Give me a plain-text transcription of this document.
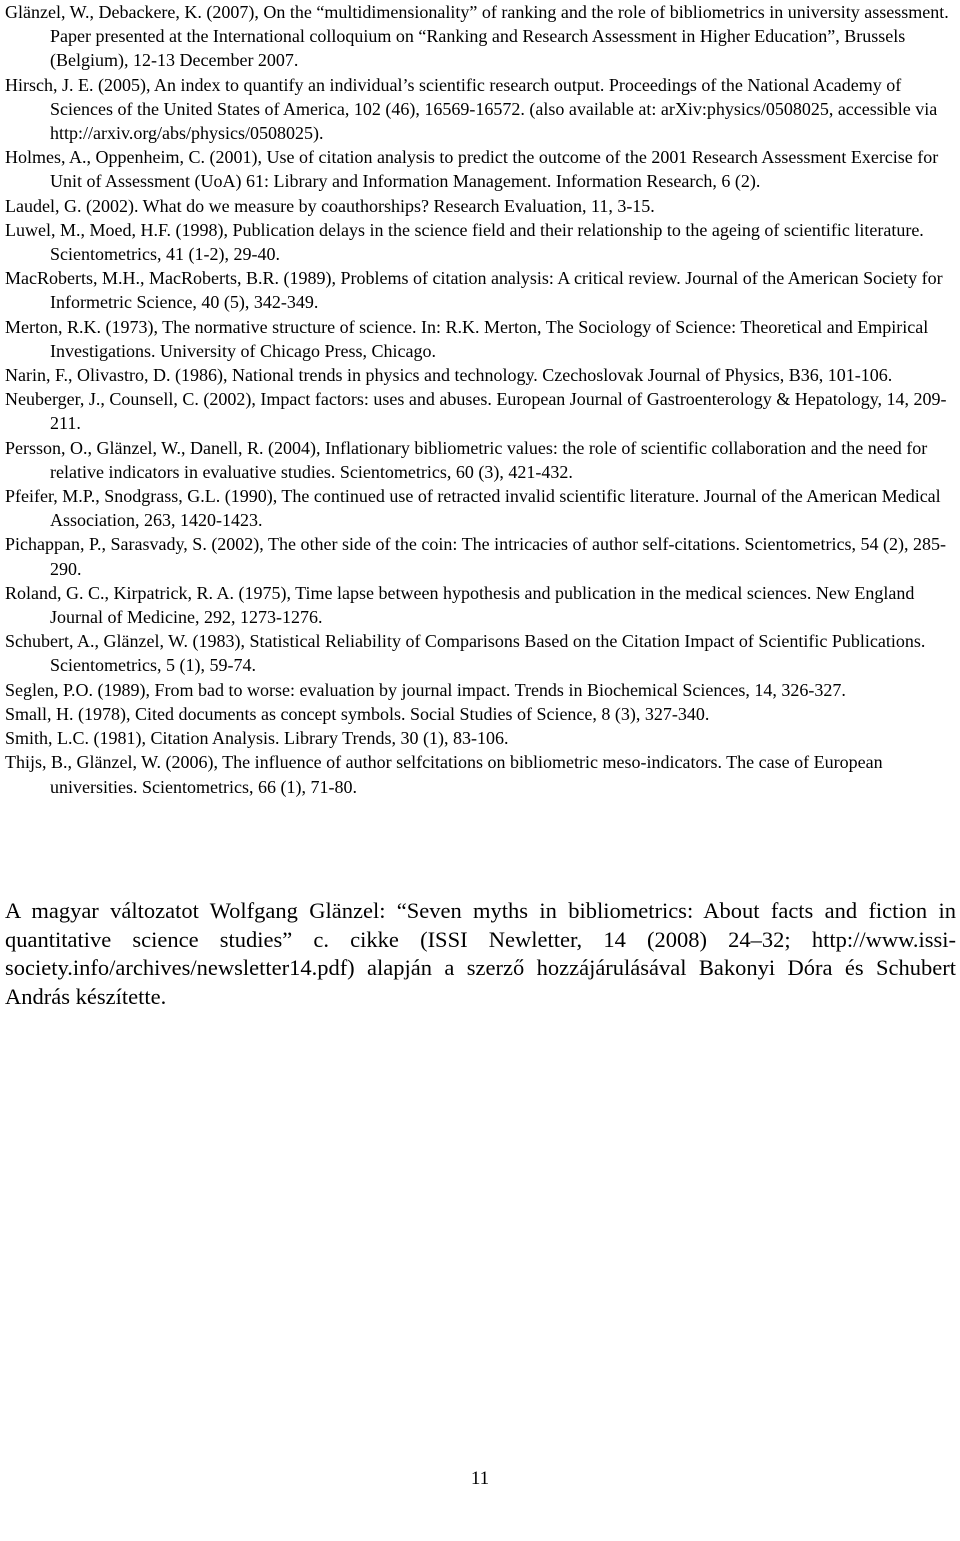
Glänzel, W., Debackere, K. (2007), On the “multidimensionality” of ranking and the role of bibliometrics in university assessment. Paper presented at the International colloquium on “Ranking and Research Assessment in Higher Education”, Brussels (Belgium), 12-13 December 2007.
Hirsch, J. E. (2005), An index to quantify an individual’s scientific research output. Proceedings of the National Academy of Sciences of the United States of America, 102 (46), 16569-16572. (also available at: arXiv:physics/0508025, accessible via http://arxiv.org/abs/physics/0508025).
Holmes, A., Oppenheim, C. (2001), Use of citation analysis to predict the outcome of the 2001 Research Assessment Exercise for Unit of Assessment (UoA) 61: Library and Information Management. Information Research, 6 (2).
Laudel, G. (2002). What do we measure by coauthorships? Research Evaluation, 11, 3-15.
Luwel, M., Moed, H.F. (1998), Publication delays in the science field and their relationship to the ageing of scientific literature. Scientometrics, 41 (1-2), 29-40.
MacRoberts, M.H., MacRoberts, B.R. (1989), Problems of citation analysis: A critical review. Journal of the American Society for Informetric Science, 40 (5), 342-349.
Merton, R.K. (1973), The normative structure of science. In: R.K. Merton, The Sociology of Science: Theoretical and Empirical Investigations. University of Chicago Press, Chicago.
Narin, F., Olivastro, D. (1986), National trends in physics and technology. Czechoslovak Journal of Physics, B36, 101-106.
Neuberger, J., Counsell, C. (2002), Impact factors: uses and abuses. European Journal of Gastroenterology & Hepatology, 14, 209-211.
Persson, O., Glänzel, W., Danell, R. (2004), Inflationary bibliometric values: the role of scientific collaboration and the need for relative indicators in evaluative studies. Scientometrics, 60 (3), 421-432.
Pfeifer, M.P., Snodgrass, G.L. (1990), The continued use of retracted invalid scientific literature. Journal of the American Medical Association, 263, 1420-1423.
Pichappan, P., Sarasvady, S. (2002), The other side of the coin: The intricacies of author self-citations. Scientometrics, 54 (2), 285-290.
Roland, G. C., Kirpatrick, R. A. (1975), Time lapse between hypothesis and publication in the medical sciences. New England Journal of Medicine, 292, 1273-1276.
Schubert, A., Glänzel, W. (1983), Statistical Reliability of Comparisons Based on the Citation Impact of Scientific Publications. Scientometrics, 5 (1), 59-74.
Seglen, P.O. (1989), From bad to worse: evaluation by journal impact. Trends in Biochemical Sciences, 14, 326-327.
Small, H. (1978), Cited documents as concept symbols. Social Studies of Science, 8 (3), 327-340.
Smith, L.C. (1981), Citation Analysis. Library Trends, 30 (1), 83-106.
Thijs, B., Glänzel, W. (2006), The influence of author selfcitations on bibliometric meso-indicators. The case of European universities. Scientometrics, 66 (1), 71-80.

A magyar változatot Wolfgang Glänzel: “Seven myths in bibliometrics: About facts and fiction in quantitative science studies” c. cikke (ISSI Newletter, 14 (2008) 24–32; http://www.issi-society.info/archives/newsletter14.pdf) alapján a szerző hozzájárulásával Bakonyi Dóra és Schubert András készítette.

11
